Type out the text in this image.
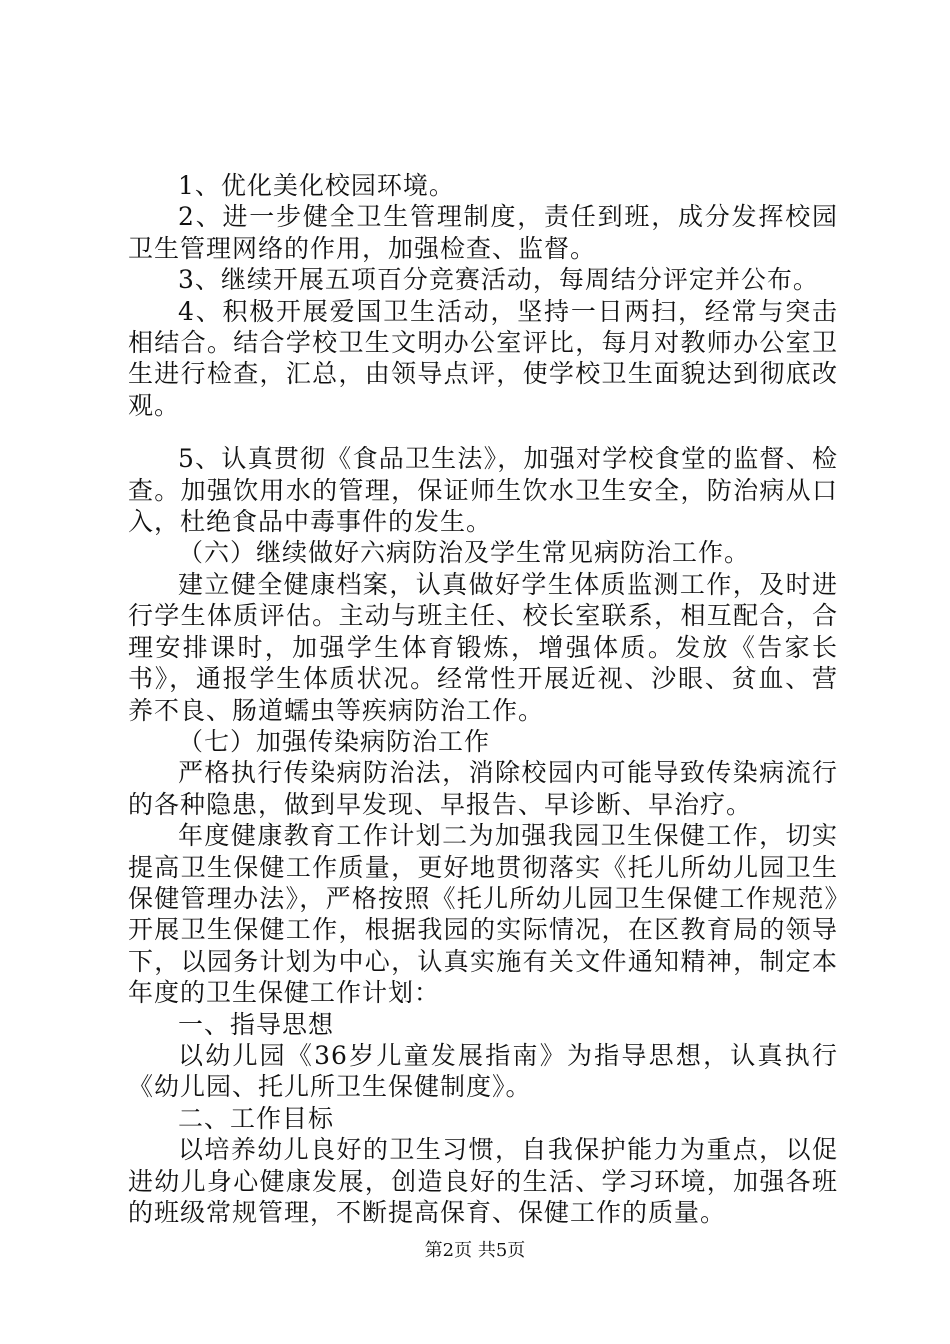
1、优化美化校园环境。

2、进一步健全卫生管理制度，责任到班，成分发挥校园卫生管理网络的作用，加强检查、监督。

3、继续开展五项百分竞赛活动，每周结分评定并公布。

4、积极开展爱国卫生活动，坚持一日两扫，经常与突击相结合。结合学校卫生文明办公室评比，每月对教师办公室卫生进行检查，汇总，由领导点评，使学校卫生面貌达到彻底改观。

5、认真贯彻《食品卫生法》，加强对学校食堂的监督、检查。加强饮用水的管理，保证师生饮水卫生安全，防治病从口入，杜绝食品中毒事件的发生。

（六）继续做好六病防治及学生常见病防治工作。

建立健全健康档案，认真做好学生体质监测工作，及时进行学生体质评估。主动与班主任、校长室联系，相互配合，合理安排课时，加强学生体育锻炼，增强体质。发放《告家长书》，通报学生体质状况。经常性开展近视、沙眼、贫血、营养不良、肠道蠕虫等疾病防治工作。

（七）加强传染病防治工作

严格执行传染病防治法，消除校园内可能导致传染病流行的各种隐患，做到早发现、早报告、早诊断、早治疗。

年度健康教育工作计划二为加强我园卫生保健工作，切实提高卫生保健工作质量，更好地贯彻落实《托儿所幼儿园卫生保健管理办法》，严格按照《托儿所幼儿园卫生保健工作规范》开展卫生保健工作，根据我园的实际情况，在区教育局的领导下，以园务计划为中心，认真实施有关文件通知精神，制定本年度的卫生保健工作计划：

一、指导思想

以幼儿园《36岁儿童发展指南》为指导思想，认真执行《幼儿园、托儿所卫生保健制度》。

二、工作目标

以培养幼儿良好的卫生习惯，自我保护能力为重点，以促进幼儿身心健康发展，创造良好的生活、学习环境，加强各班的班级常规管理，不断提高保育、保健工作的质量。

第2页 共5页
